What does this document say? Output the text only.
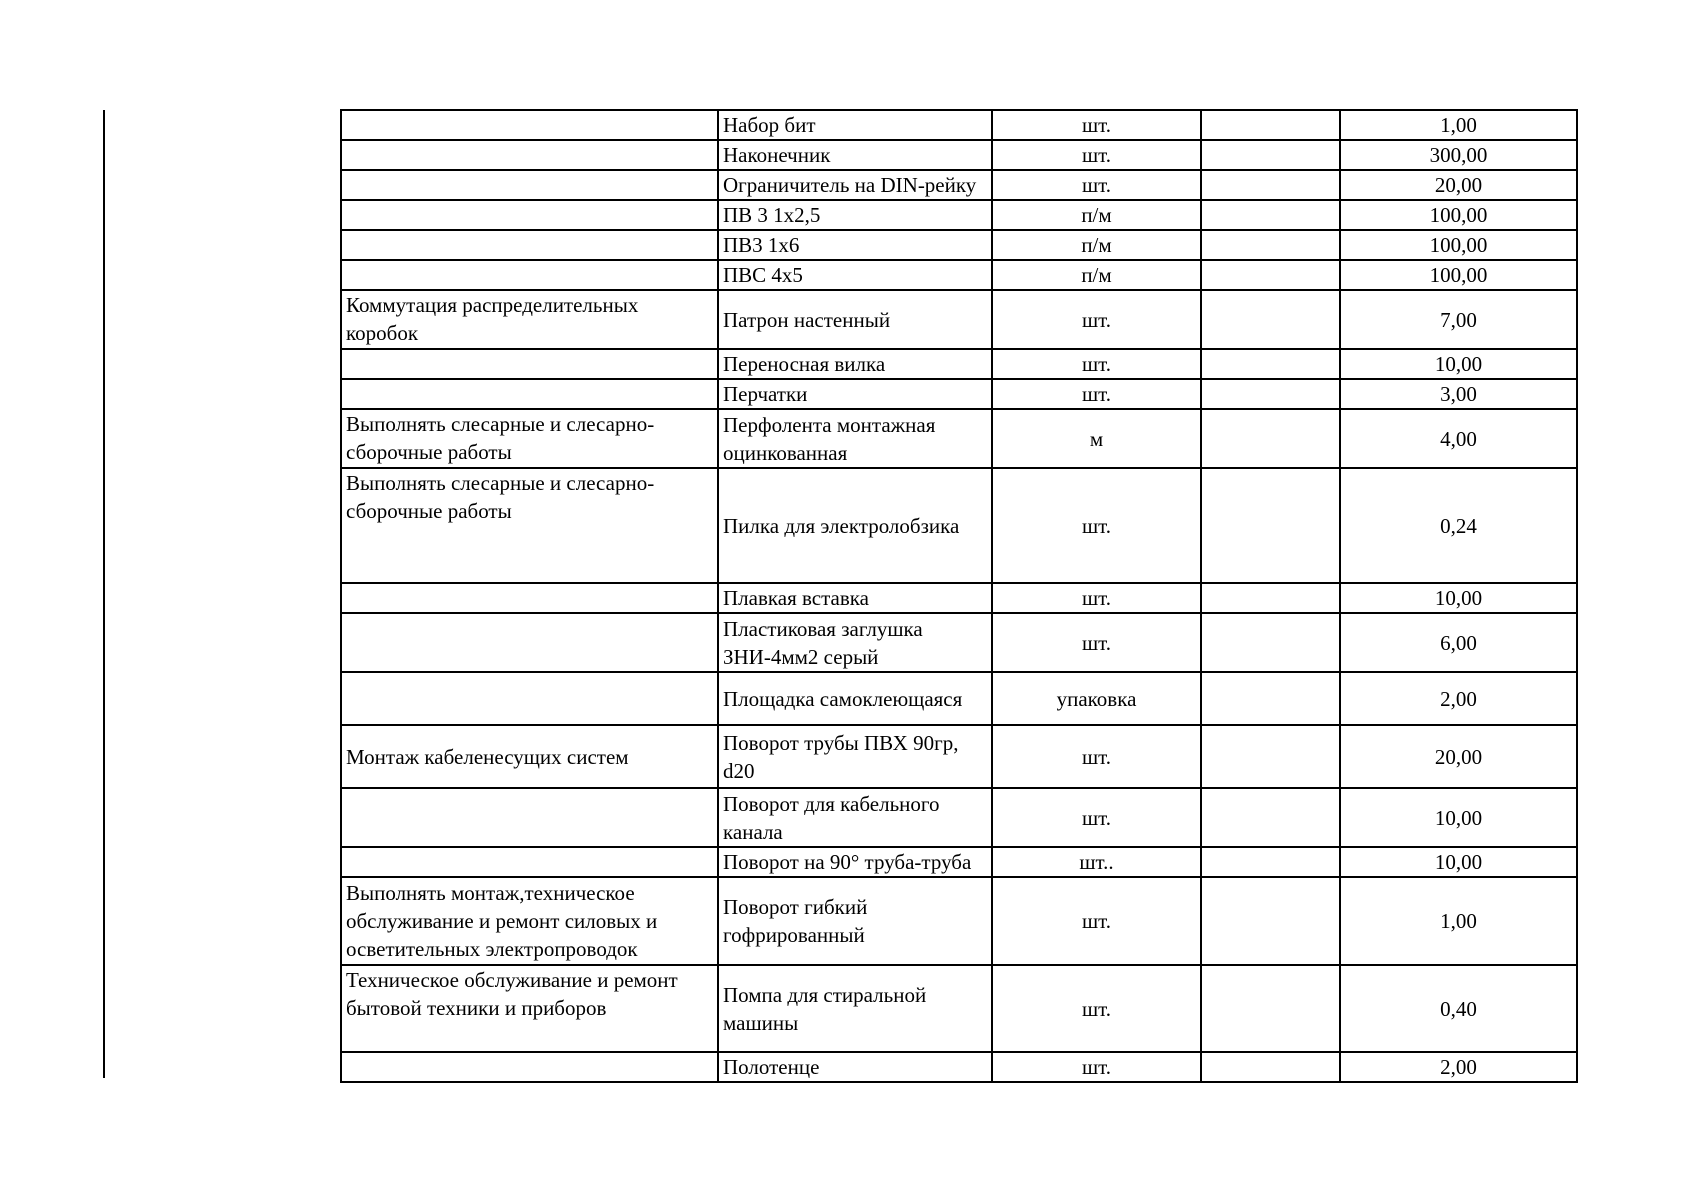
	Набор бит	шт.		1,00
	Наконечник	шт.		300,00
	Ограничитель на DIN-рейку	шт.		20,00
	ПВ 3 1х2,5	п/м		100,00
	ПВ3 1х6	п/м		100,00
	ПВС 4х5	п/м		100,00
Коммутация распределительных коробок	Патрон настенный	шт.		7,00
	Переносная вилка	шт.		10,00
	Перчатки	шт.		3,00
Выполнять слесарные и слесарно-сборочные работы	Перфолента монтажная оцинкованная	м		4,00
Выполнять слесарные и слесарно-сборочные работы	Пилка для электролобзика	шт.		0,24
	Плавкая вставка	шт.		10,00
	Пластиковая заглушка ЗНИ-4мм2 серый	шт.		6,00
	Площадка самоклеющаяся	упаковка		2,00
Монтаж кабеленесущих систем	Поворот трубы ПВХ 90гр, d20	шт.		20,00
	Поворот для кабельного канала	шт.		10,00
	Поворот на 90° труба-труба	шт..		10,00
Выполнять монтаж,техническое обслуживание и ремонт силовых и осветительных электропроводок	Поворот гибкий гофрированный	шт.		1,00
Техническое обслуживание и ремонт бытовой техники и приборов	Помпа для стиральной машины	шт.		0,40
	Полотенце	шт.		2,00
